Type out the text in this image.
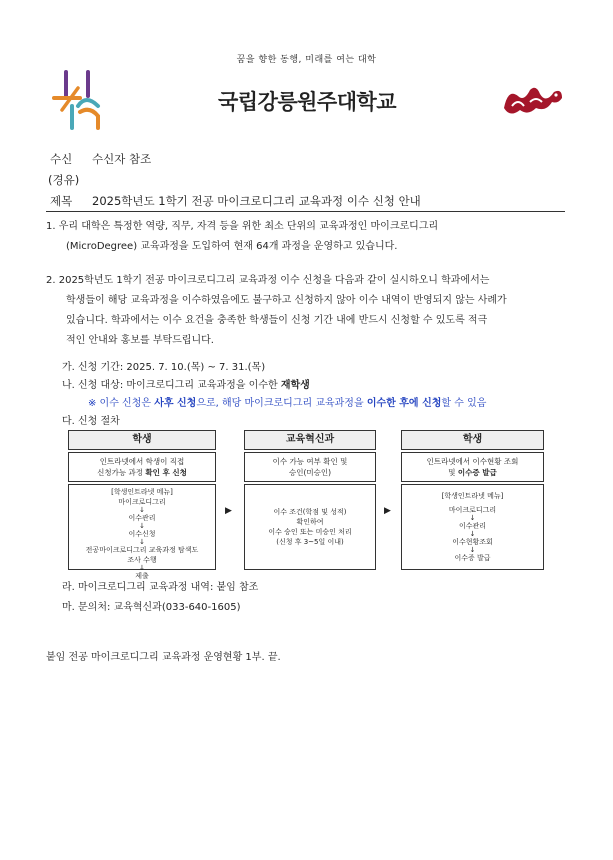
꿈을 향한 동행, 미래를 여는 대학
국립강릉원주대학교
수신 수신자 참조
(경유)
제목 2025학년도 1학기 전공 마이크로디그리 교육과정 이수 신청 안내
1. 우리 대학은 특정한 역량, 직무, 자격 등을 위한 최소 단위의 교육과정인 마이크로디그리
(MicroDegree) 교육과정을 도입하여 현재 64개 과정을 운영하고 있습니다.
2. 2025학년도 1학기 전공 마이크로디그리 교육과정 이수 신청을 다음과 같이 실시하오니 학과에서는
학생들이 해당 교육과정을 이수하였음에도 불구하고 신청하지 않아 이수 내역이 반영되지 않는 사례가
있습니다. 학과에서는 이수 요건을 충족한 학생들이 신청 기간 내에 반드시 신청할 수 있도록 적극
적인 안내와 홍보를 부탁드립니다.
가. 신청 기간: 2025. 7. 10.(목) ~ 7. 31.(목)
나. 신청 대상: 마이크로디그리 교육과정을 이수한 재학생
※ 이수 신청은 사후 신청으로, 해당 마이크로디그리 교육과정을 이수한 후에 신청할 수 있음
다. 신청 절차
학생
인트라넷에서 학생이 직접
신청가능 과정 확인 후 신청
[학생인트라넷 메뉴]
마이크로디그리
↓
이수관리
↓
이수신청
↓
전공마이크로디그리 교육과정 탐색도
조사 수행
↓
제출
▶
교육혁신과
이수 가능 여부 확인 및
승인(미승인)
이수 조건(학점 및 성적)
확인하여
이수 승인 또는 미승인 처리
(신청 후 3~5일 이내)
▶
학생
인트라넷에서 이수현황 조회
및 이수증 발급
[학생인트라넷 메뉴]
마이크로디그리
↓
이수관리
↓
이수현황조회
↓
이수증 발급
라. 마이크로디그리 교육과정 내역: 붙임 참조
마. 문의처: 교육혁신과(033-640-1605)
붙임 전공 마이크로디그리 교육과정 운영현황 1부. 끝.
